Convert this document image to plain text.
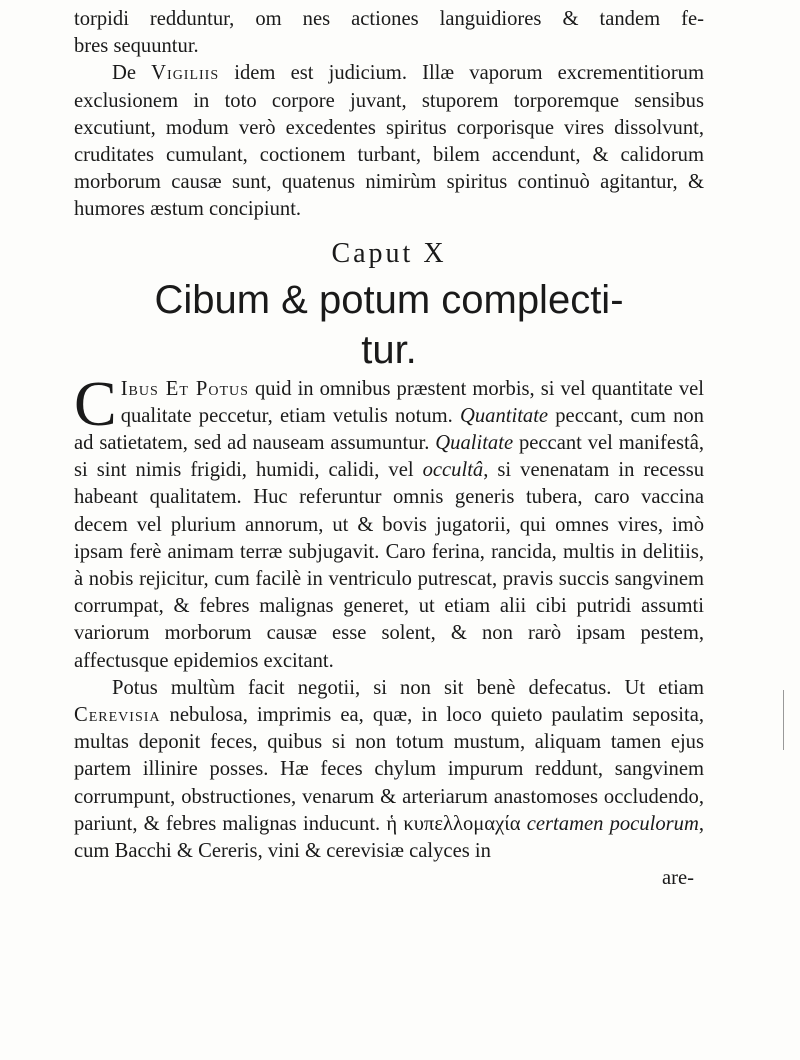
torpidi redduntur, om nes actiones languidiores & tandem fe-

bres sequuntur.

De Vigiliis idem est judicium. Illæ vaporum excrementitiorum exclusionem in toto corpore juvant, stuporem torporemque sensibus excutiunt, modum verò excedentes spiritus corporisque vires dissolvunt, cruditates cumulant, coctionem turbant, bilem accendunt, & calidorum morborum causæ sunt, quatenus nimirùm spiritus continuò agitantur, & humores æstum concipiunt.

Caput X
Cibum & potum complecti-
tur.

C Ibus Et Potus quid in omnibus præstent morbis, si vel quantitate vel qualitate peccetur, etiam vetulis notum. Quantitate peccant, cum non ad satietatem, sed ad nauseam assumuntur. Qualitate peccant vel manifestâ, si sint nimis frigidi, humidi, calidi, vel occultâ, si venenatam in recessu habeant qualitatem. Huc referuntur omnis generis tubera, caro vaccina decem vel plurium annorum, ut & bovis jugatorii, qui omnes vires, imò ipsam ferè animam terræ subjugavit. Caro ferina, rancida, multis in delitiis, à nobis rejicitur, cum facilè in ventriculo putrescat, pravis succis sangvinem corrumpat, & febres malignas generet, ut etiam alii cibi putridi assumti variorum morborum causæ esse solent, & non rarò ipsam pestem, affectusque epidemios excitant.

Potus multùm facit negotii, si non sit benè defecatus. Ut etiam Cerevisia nebulosa, imprimis ea, quæ, in loco quieto paulatim seposita, multas deponit feces, quibus si non totum mustum, aliquam tamen ejus partem illinire posses. Hæ feces chylum impurum reddunt, sangvinem corrumpunt, obstructiones, venarum & arteriarum anastomoses occludendo, pariunt, & febres malignas inducunt. ἡ κυπελλομαχία certamen poculorum, cum Bacchi & Cereris, vini & cerevisiæ calyces in

are-
